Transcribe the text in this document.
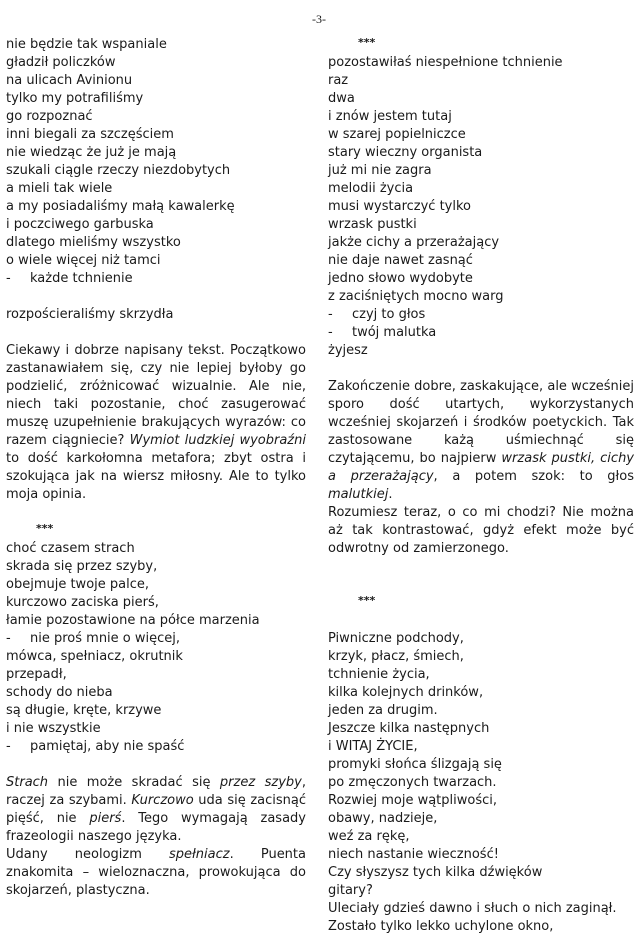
-3-
nie będzie tak wspaniale
gładził policzków
na ulicach Avinionu
tylko my potrafiliśmy
go rozpoznać
inni biegali za szczęściem
nie wiedząc że już je mają
szukali ciągle rzeczy niezdobytych
a mieli tak wiele
a my posiadaliśmy małą kawalerkę
i poczciwego garbuska
dlatego mieliśmy wszystko
o wiele więcej niż tamci
- każde tchnienie
rozpościeraliśmy skrzydła
Ciekawy i dobrze napisany tekst. Początkowo zastanawiałem się, czy nie lepiej byłoby go podzielić, zróżnicować wizualnie. Ale nie, niech taki pozostanie, choć zasugerować muszę uzupełnienie brakujących wyrazów: co razem ciągniecie? Wymiot ludzkiej wyobraźni to dość karkołomna metafora; zbyt ostra i szokująca jak na wiersz miłosny. Ale to tylko moja opinia.
***
choć czasem strach
skrada się przez szyby,
obejmuje twoje palce,
kurczowo zaciska pierś,
łamie pozostawione na półce marzenia
- nie proś mnie o więcej,
mówca, spełniacz, okrutnik
przepadł,
schody do nieba
są długie, kręte, krzywe
i nie wszystkie
- pamiętaj, aby nie spaść
Strach nie może skradać się przez szyby, raczej za szybami. Kurczowo uda się zacisnąć pięść, nie pierś. Tego wymagają zasady frazeologii naszego języka.
Udany neologizm spełniacz. Puenta znakomita – wieloznaczna, prowokująca do skojarzeń, plastyczna.
***
pozostawiłaś niespełnione tchnienie
raz
dwa
i znów jestem tutaj
w szarej popielniczce
stary wieczny organista
już mi nie zagra
melodii życia
musi wystarczyć tylko
wrzask pustki
jakże cichy a przerażający
nie daje nawet zasnąć
jedno słowo wydobyte
z zaciśniętych mocno warg
- czyj to głos
- twój malutka
żyjesz
Zakończenie dobre, zaskakujące, ale wcześniej sporo dość utartych, wykorzystanych wcześniej skojarzeń i środków poetyckich. Tak zastosowane każą uśmiechnąć się czytającemu, bo najpierw wrzask pustki, cichy a przerażający, a potem szok: to głos malutkiej.
Rozumiesz teraz, o co mi chodzi? Nie można aż tak kontrastować, gdyż efekt może być odwrotny od zamierzonego.
***
Piwniczne podchody,
krzyk, płacz, śmiech,
tchnienie życia,
kilka kolejnych drinków,
jeden za drugim.
Jeszcze kilka następnych
i WITAJ ŻYCIE,
promyki słońca ślizgają się
po zmęczonych twarzach.
Rozwiej moje wątpliwości,
obawy, nadzieje,
weź za rękę,
niech nastanie wieczność!
Czy słyszysz tych kilka dźwięków
gitary?
Uleciały gdzieś dawno i słuch o nich zaginął.
Zostało tylko lekko uchylone okno,
